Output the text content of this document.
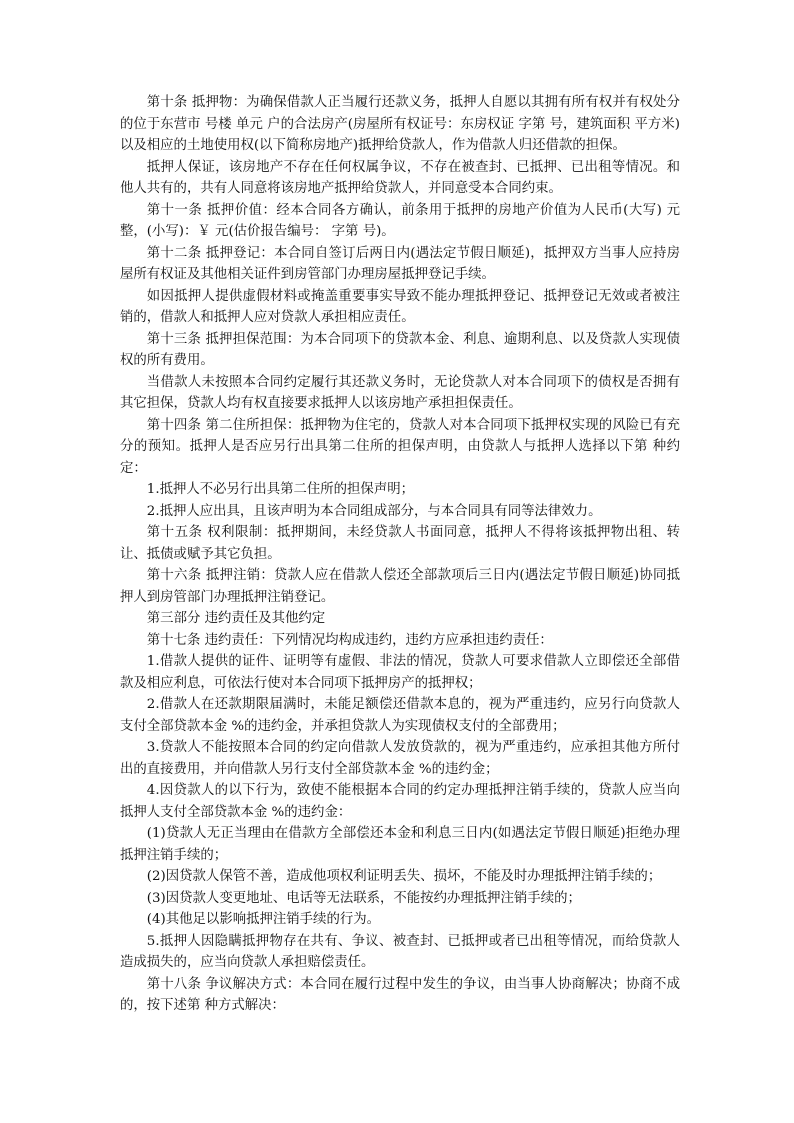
第十条 抵押物：为确保借款人正当履行还款义务，抵押人自愿以其拥有所有权并有权处分的位于东营市 号楼 单元 户的合法房产(房屋所有权证号：东房权证 字第 号，建筑面积 平方米)以及相应的土地使用权(以下简称房地产)抵押给贷款人，作为借款人归还借款的担保。

抵押人保证，该房地产不存在任何权属争议，不存在被查封、已抵押、已出租等情况。和他人共有的，共有人同意将该房地产抵押给贷款人，并同意受本合同约束。

第十一条 抵押价值：经本合同各方确认，前条用于抵押的房地产价值为人民币(大写) 元整，(小写)：￥ 元(估价报告编号： 字第 号)。

第十二条 抵押登记：本合同自签订后两日内(遇法定节假日顺延)，抵押双方当事人应持房屋所有权证及其他相关证件到房管部门办理房屋抵押登记手续。

如因抵押人提供虚假材料或掩盖重要事实导致不能办理抵押登记、抵押登记无效或者被注销的，借款人和抵押人应对贷款人承担相应责任。

第十三条 抵押担保范围：为本合同项下的贷款本金、利息、逾期利息、以及贷款人实现债权的所有费用。

当借款人未按照本合同约定履行其还款义务时，无论贷款人对本合同项下的债权是否拥有其它担保，贷款人均有权直接要求抵押人以该房地产承担担保责任。

第十四条 第二住所担保：抵押物为住宅的，贷款人对本合同项下抵押权实现的风险已有充分的预知。抵押人是否应另行出具第二住所的担保声明，由贷款人与抵押人选择以下第 种约定：

1.抵押人不必另行出具第二住所的担保声明；

2.抵押人应出具，且该声明为本合同组成部分，与本合同具有同等法律效力。

第十五条 权利限制：抵押期间，未经贷款人书面同意，抵押人不得将该抵押物出租、转让、抵债或赋予其它负担。

第十六条 抵押注销：贷款人应在借款人偿还全部款项后三日内(遇法定节假日顺延)协同抵押人到房管部门办理抵押注销登记。

第三部分 违约责任及其他约定

第十七条 违约责任：下列情况均构成违约，违约方应承担违约责任：

1.借款人提供的证件、证明等有虚假、非法的情况，贷款人可要求借款人立即偿还全部借款及相应利息，可依法行使对本合同项下抵押房产的抵押权；

2.借款人在还款期限届满时，未能足额偿还借款本息的，视为严重违约，应另行向贷款人支付全部贷款本金 %的违约金，并承担贷款人为实现债权支付的全部费用；

3.贷款人不能按照本合同的约定向借款人发放贷款的，视为严重违约，应承担其他方所付出的直接费用，并向借款人另行支付全部贷款本金 %的违约金；

4.因贷款人的以下行为，致使不能根据本合同的约定办理抵押注销手续的，贷款人应当向抵押人支付全部贷款本金 %的违约金：

(1)贷款人无正当理由在借款方全部偿还本金和利息三日内(如遇法定节假日顺延)拒绝办理抵押注销手续的；

(2)因贷款人保管不善，造成他项权利证明丢失、损坏，不能及时办理抵押注销手续的；

(3)因贷款人变更地址、电话等无法联系，不能按约办理抵押注销手续的；

(4)其他足以影响抵押注销手续的行为。

5.抵押人因隐瞒抵押物存在共有、争议、被查封、已抵押或者已出租等情况，而给贷款人造成损失的，应当向贷款人承担赔偿责任。

第十八条 争议解决方式：本合同在履行过程中发生的争议，由当事人协商解决；协商不成的，按下述第 种方式解决：
